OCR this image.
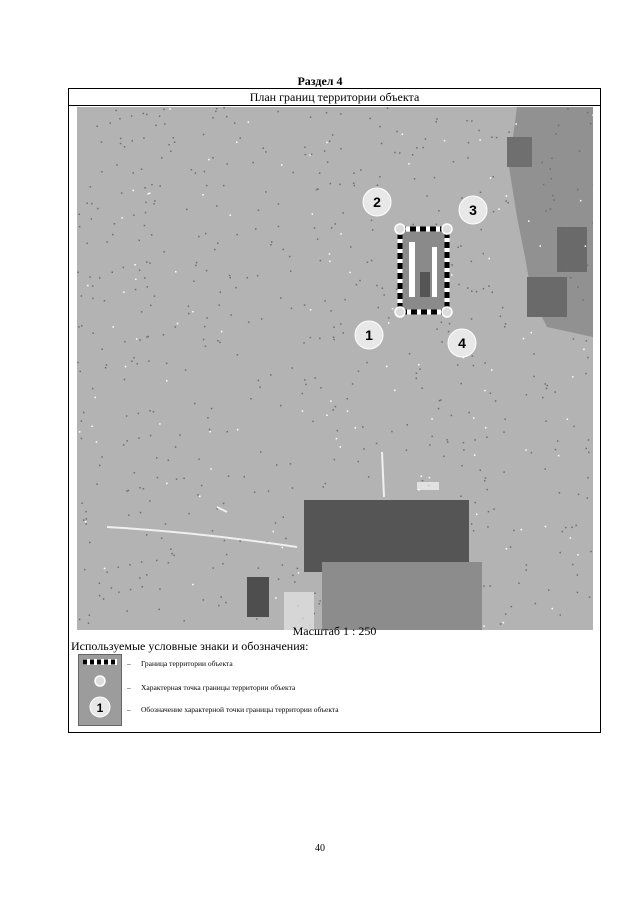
Раздел 4
План границ территории объекта
1
2	3
4
Масштаб 1 : 250
Используемые условные знаки и обозначения:
1
– Граница территории объекта
– Характерная точка границы территории объекта
– Обозначение характерной точки границы территории объекта
40
